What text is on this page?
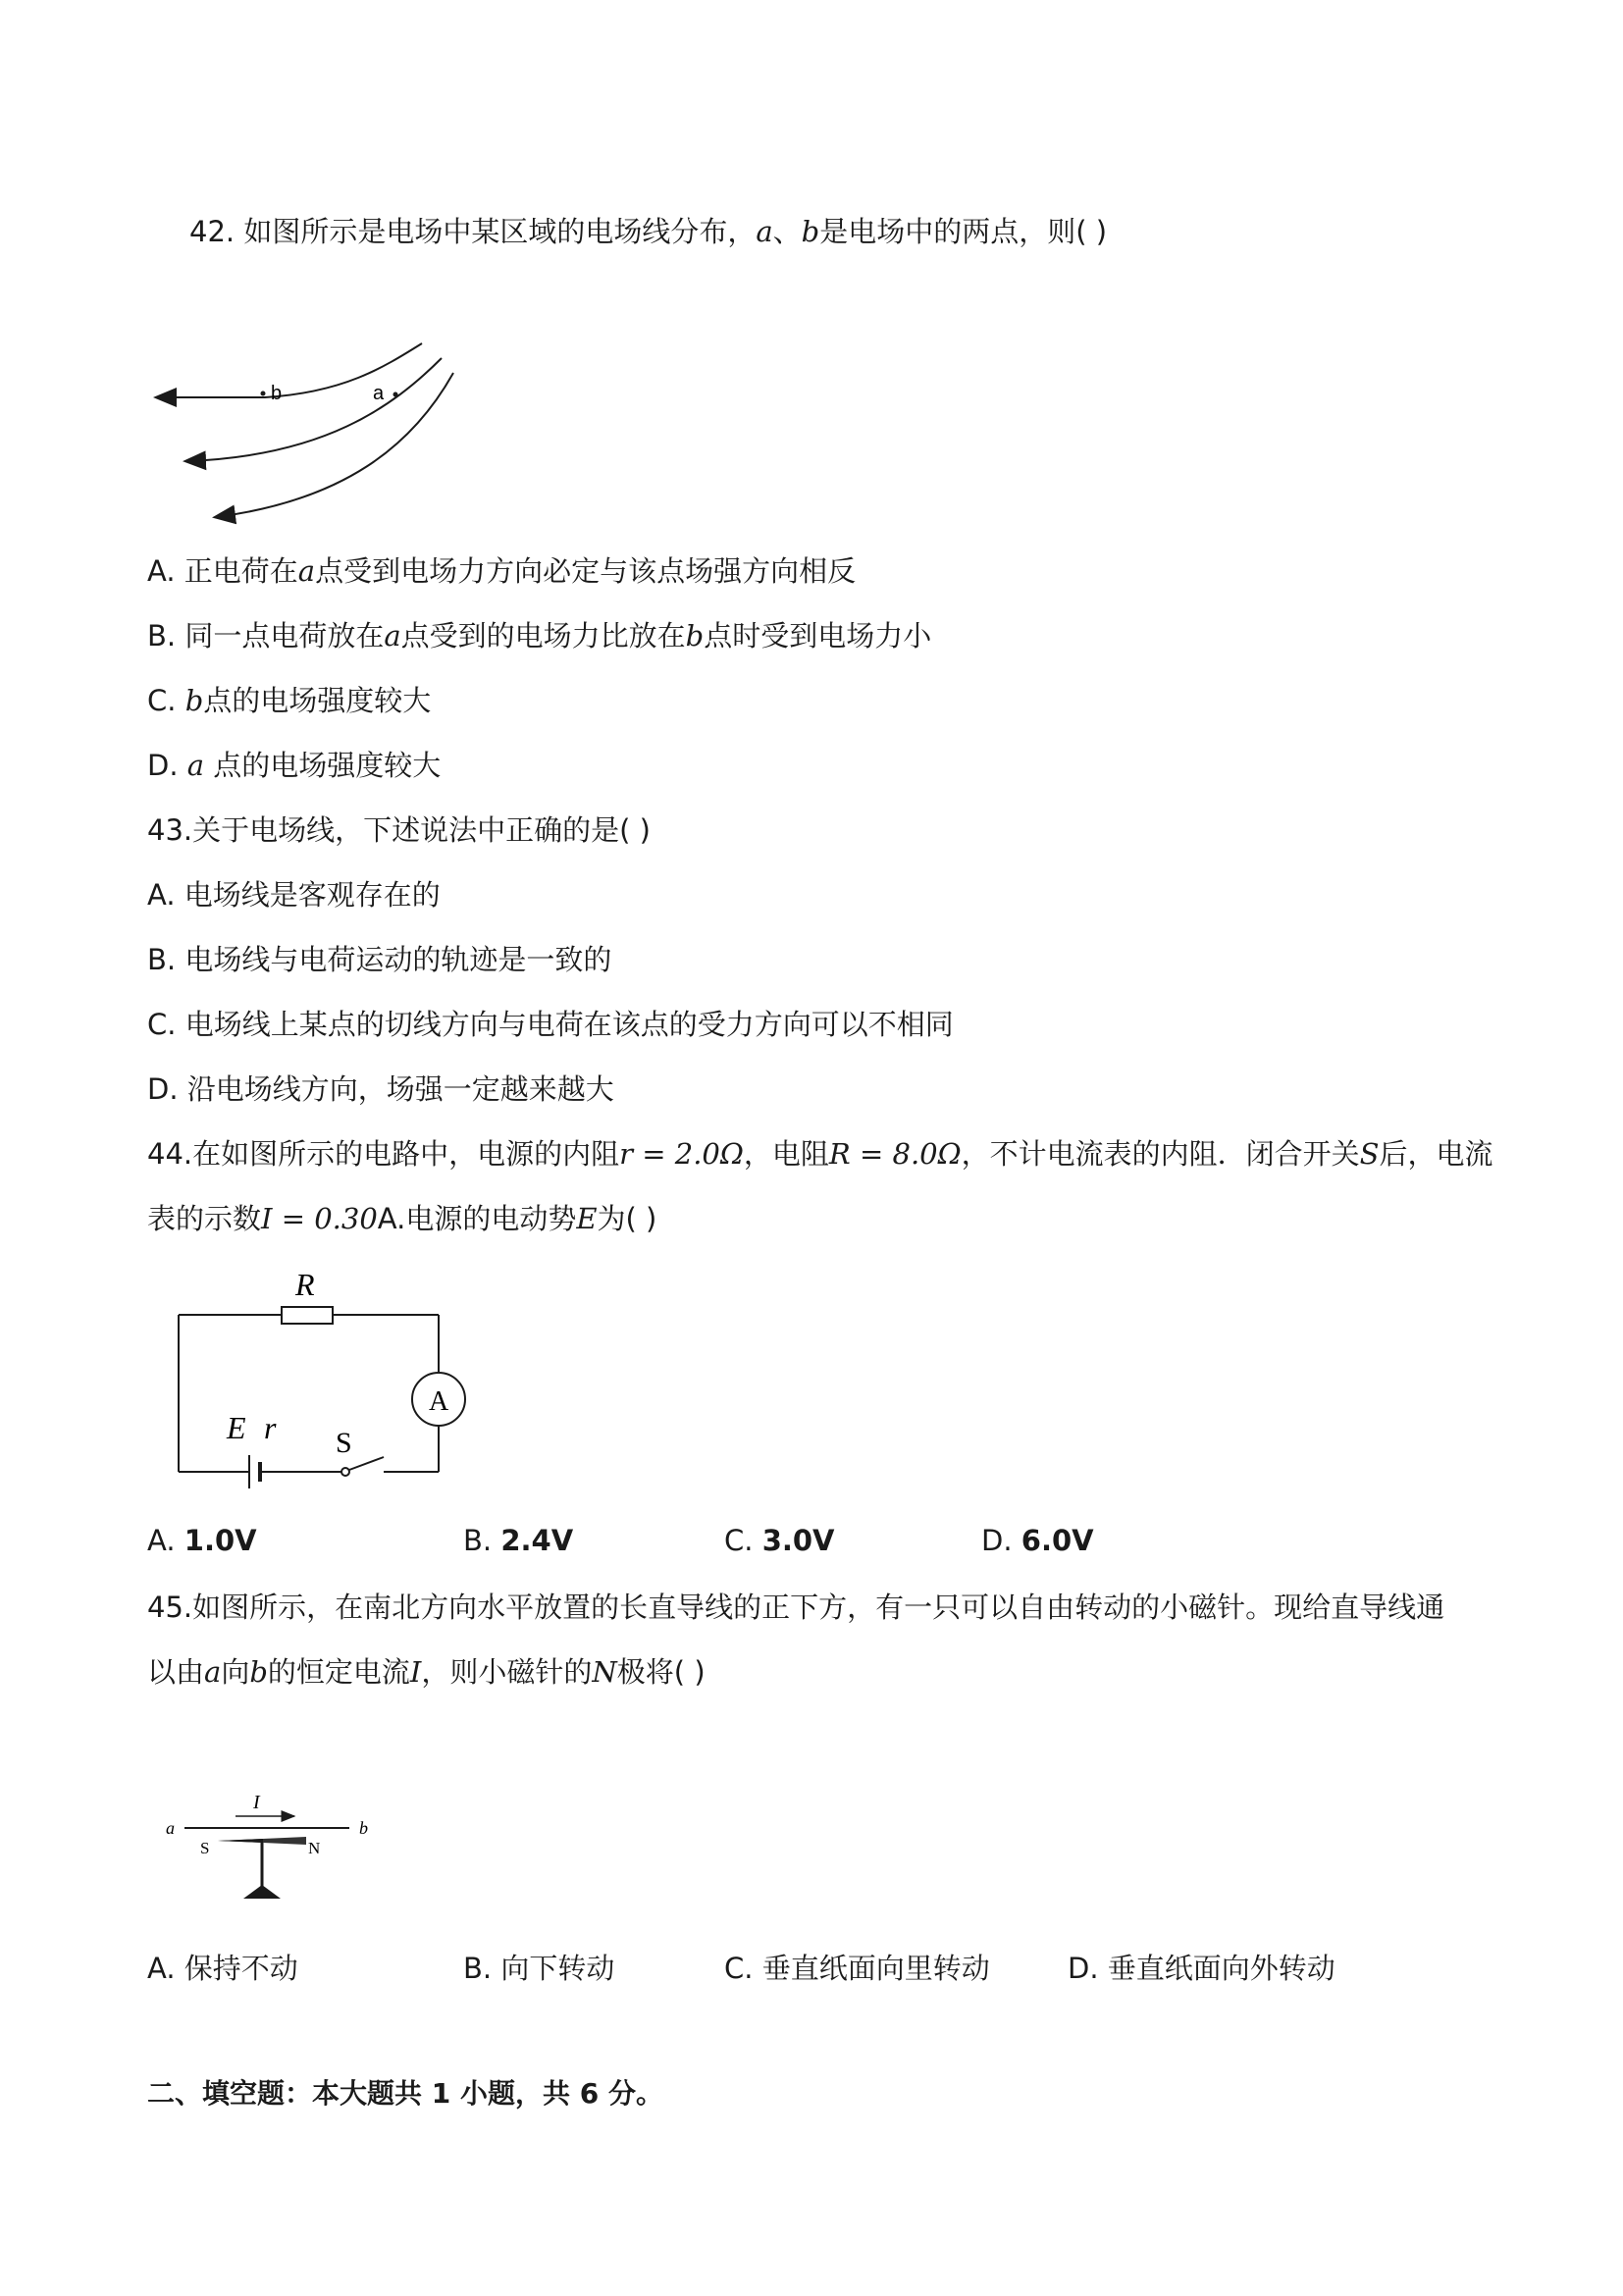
42. 如图所示是电场中某区域的电场线分布，a、b是电场中的两点，则( )
b	a
A. 正电荷在a点受到电场力方向必定与该点场强方向相反
B. 同一点电荷放在a点受到的电场力比放在b点时受到电场力小
C. b点的电场强度较大
D. a 点的电场强度较大
43.关于电场线，下述说法中正确的是( )
A. 电场线是客观存在的
B. 电场线与电荷运动的轨迹是一致的
C. 电场线上某点的切线方向与电荷在该点的受力方向可以不相同
D. 沿电场线方向，场强一定越来越大
44.在如图所示的电路中，电源的内阻r = 2.0Ω，电阻R = 8.0Ω，不计电流表的内阻．闭合开关S后，电流
表的示数I = 0.30A.电源的电动势E为( )
R
A
E r S
A. 1.0V	B. 2.4V	C. 3.0V	D. 6.0V
45.如图所示，在南北方向水平放置的长直导线的正下方，有一只可以自由转动的小磁针。现给直导线通
以由a向b的恒定电流I，则小磁针的N极将( )
a	b
I
S	N
A. 保持不动	B. 向下转动	C. 垂直纸面向里转动	D. 垂直纸面向外转动
二、填空题：本大题共 1 小题，共 6 分。
